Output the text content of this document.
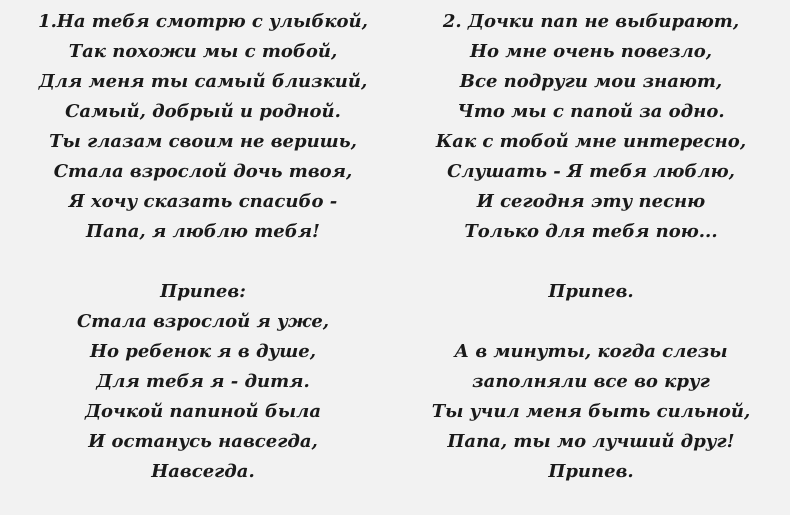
1.На тебя смотрю с улыбкой,
Так похожи мы с тобой,
Для меня ты самый близкий,
Самый, добрый и родной.
Ты глазам своим не веришь,
Стала взрослой дочь твоя,
Я хочу сказать спасибо -
Папа, я люблю тебя!
Припев:
Стала взрослой я уже,
Но ребенок я в душе,
Для тебя я - дитя.
Дочкой папиной была
И останусь навсегда,
Навсегда.
2. Дочки пап не выбирают,
Но мне очень повезло,
Все подруги мои знают,
Что мы с папой за одно.
Как с тобой мне интересно,
Слушать - Я тебя люблю,
И сегодня эту песню
Только для тебя пою...
Припев.
А в минуты, когда слезы
заполняли все во круг
Ты учил меня быть сильной,
Папа, ты мо лучший друг!
Припев.
